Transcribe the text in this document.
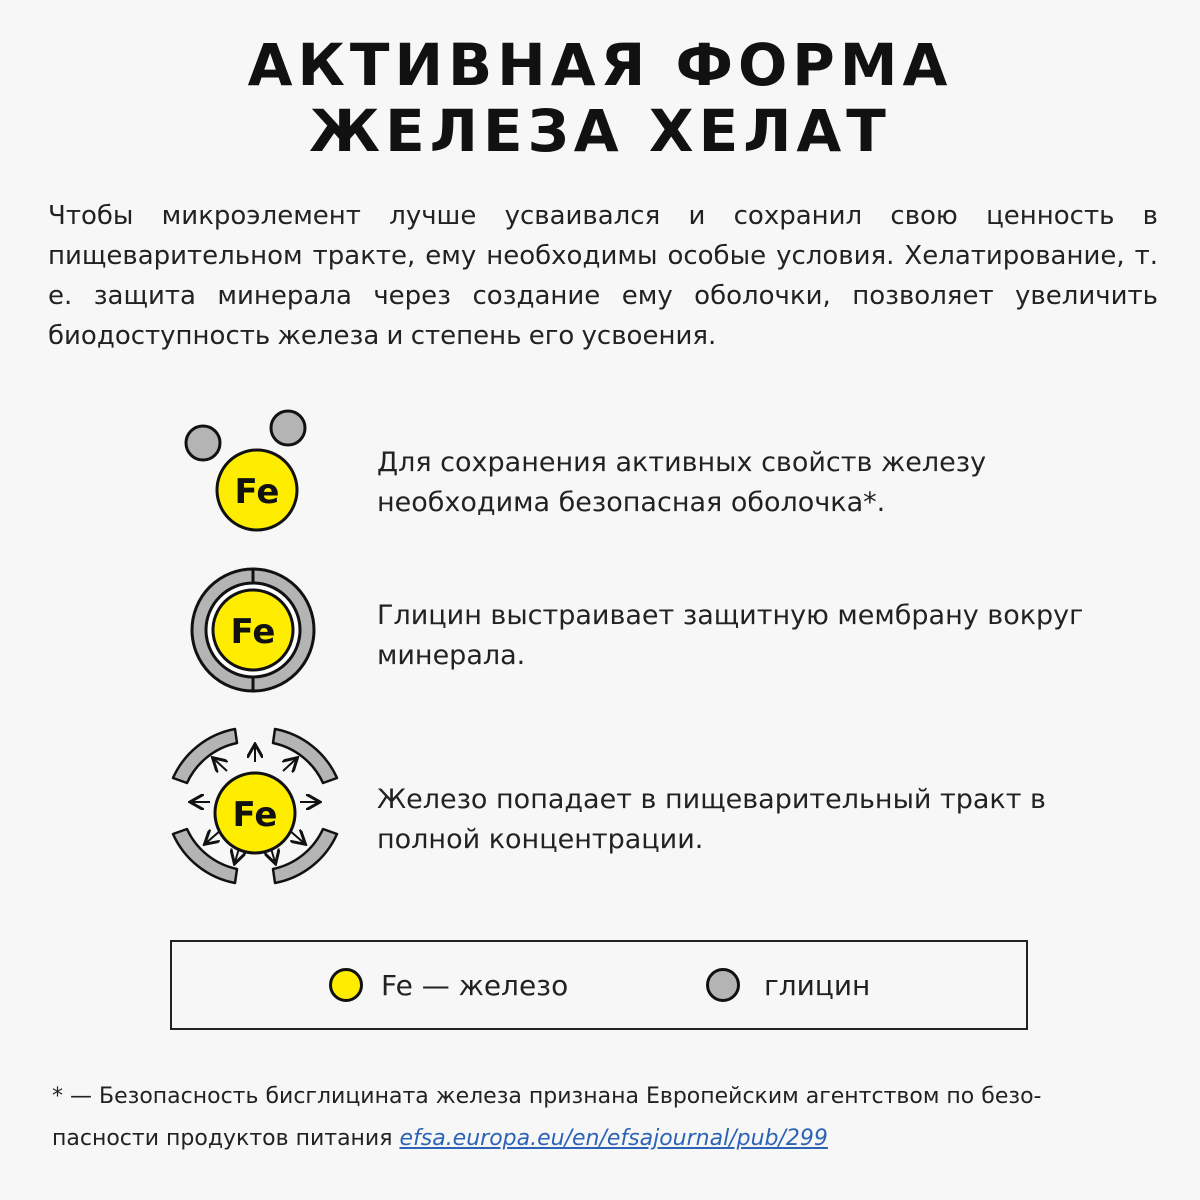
АКТИВНАЯ ФОРМА
ЖЕЛЕЗА ХЕЛАТ
Чтобы микроэлемент лучше усваивался и сохранил свою ценность в пищеварительном тракте, ему необходимы особые условия. Хелатирование, т. е. защита минерала через создание ему оболочки, позволяет увеличить биодоступность железа и степень его усвоения.
Fe
Для сохранения активных свойств железу необходима безопасная оболочка*.
Fe	Глицин выстраивает защитную мембрану вокруг минерала.
Fe	Железо попадает в пищеварительный тракт в полной концентрации.
Fe — железо	глицин
* — Безопасность бисглицината железа признана Европейским агентством по безо-
пасности продуктов питания efsa.europa.eu/en/efsajournal/pub/299
